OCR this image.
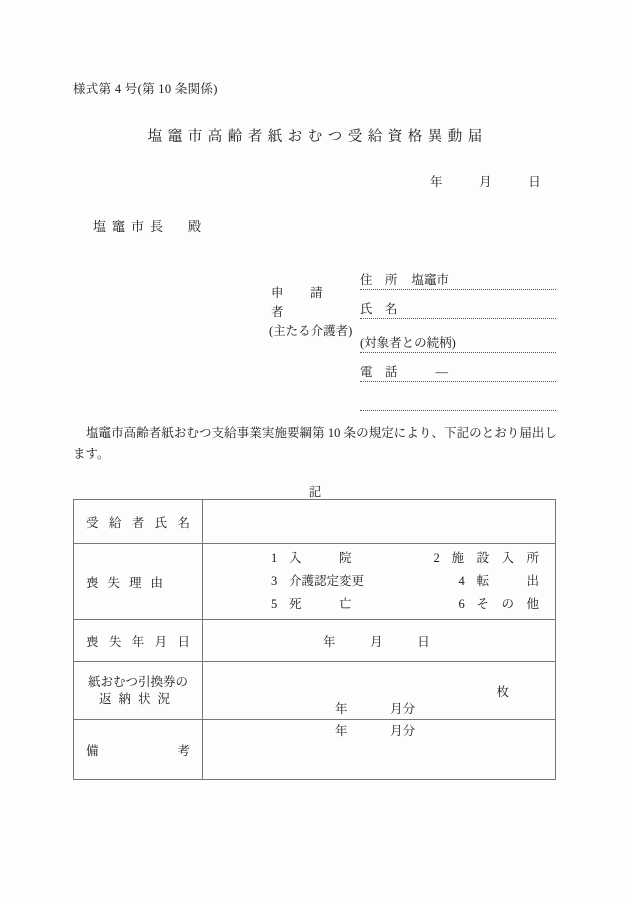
様式第 4 号(第 10 条関係)
塩竈市高齢者紙おむつ受給資格異動届
年	月	日
塩竈市長　殿
申　請　者
(主たる介護者)
住　所 塩竈市
氏　名
(対象者との続柄)
電　話	—
塩竈市高齢者紙おむつ支給事業実施要綱第 10 条の規定により、下記のとおり届出します。
記
受 給 者 氏 名	

喪失理由

1 入　　　院	2 施　設　入　所
3 介護認定変更	4 転　　　出
5 死　　　亡	6 そ　の　他

喪 失 年 月 日	年 月 日

紙おむつ引換券の
返納状況

年	月分
年	月分
枚

備 考	
